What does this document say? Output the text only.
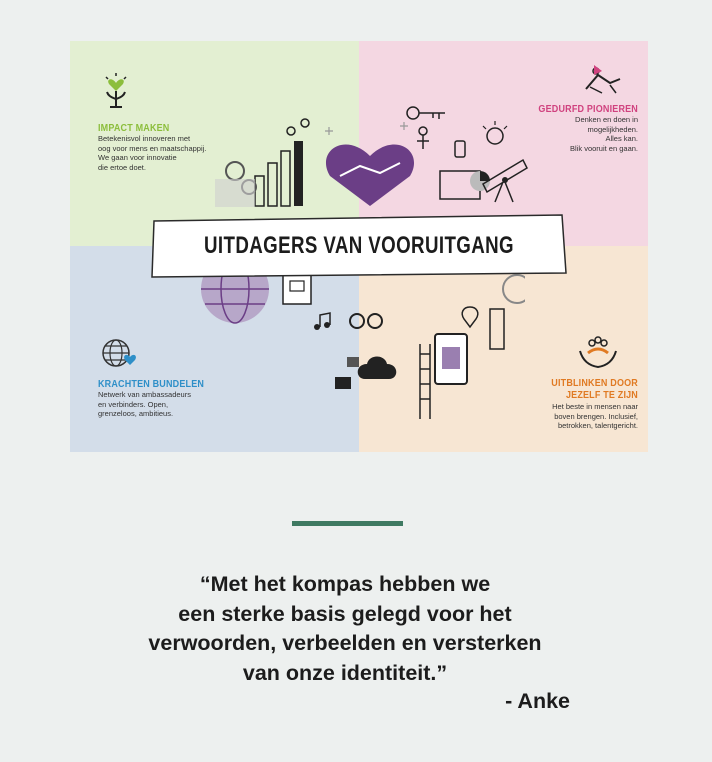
UITDAGERS VAN VOORUITGANG
IMPACT MAKEN
Betekenisvol innoveren met
oog voor mens en maatschappij.
We gaan voor innovatie
die ertoe doet.
GEDURFD PIONIEREN
Denken en doen in
mogelijkheden.
Alles kan.
Blik vooruit en gaan.
KRACHTEN BUNDELEN
Netwerk van ambassadeurs
en verbinders. Open,
grenzeloos, ambitieus.
UITBLINKEN DOOR
JEZELF TE ZIJN
Het beste in mensen naar
boven brengen. Inclusief,
betrokken, talentgericht.
“Met het kompas hebben we
een sterke basis gelegd voor het
verwoorden, verbeelden en versterken
van onze identiteit.”
- Anke
